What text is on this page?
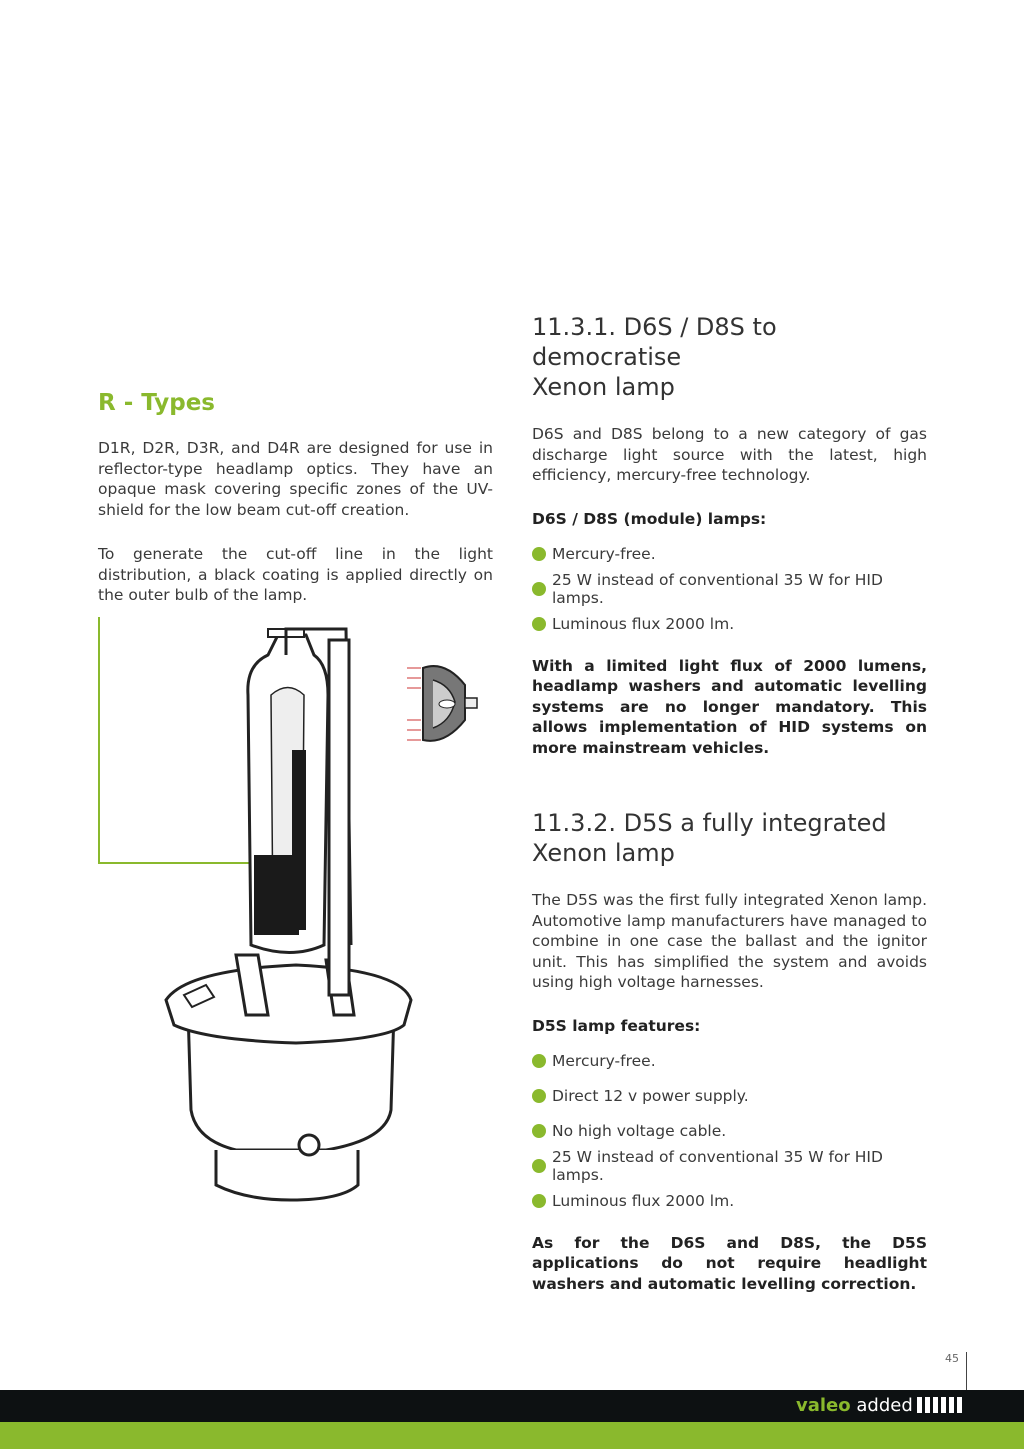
R - Types

D1R, D2R, D3R, and D4R are designed for use in reflector-type headlamp optics. They have an opaque mask covering specific zones of the UV-shield for the low beam cut-off creation.

To generate the cut-off line in the light distribution, a black coating is applied directly on the outer bulb of the lamp.

11.3.1. D6S / D8S to democratise
Xenon lamp

D6S and D8S belong to a new category of gas discharge light source with the latest, high efficiency, mercury-free technology.

D6S / D8S (module) lamps:

Mercury-free.
25 W instead of conventional 35 W for HID lamps.
Luminous flux 2000 lm.

With a limited light flux of 2000 lumens, headlamp washers and automatic levelling systems are no longer mandatory. This allows implementation of HID systems on more mainstream vehicles.

11.3.2. D5S a fully integrated
Xenon lamp

The D5S was the first fully integrated Xenon lamp. Automotive lamp manufacturers have managed to combine in one case the ballast and the ignitor unit. This has simplified the system and avoids using high voltage harnesses.

D5S lamp features:

Mercury-free.
Direct 12 v power supply.
No high voltage cable.
25 W instead of conventional 35 W for HID lamps.
Luminous flux 2000 lm.

As for the D6S and D8S, the D5S applications do not require headlight washers and automatic levelling correction.

45
valeo added
